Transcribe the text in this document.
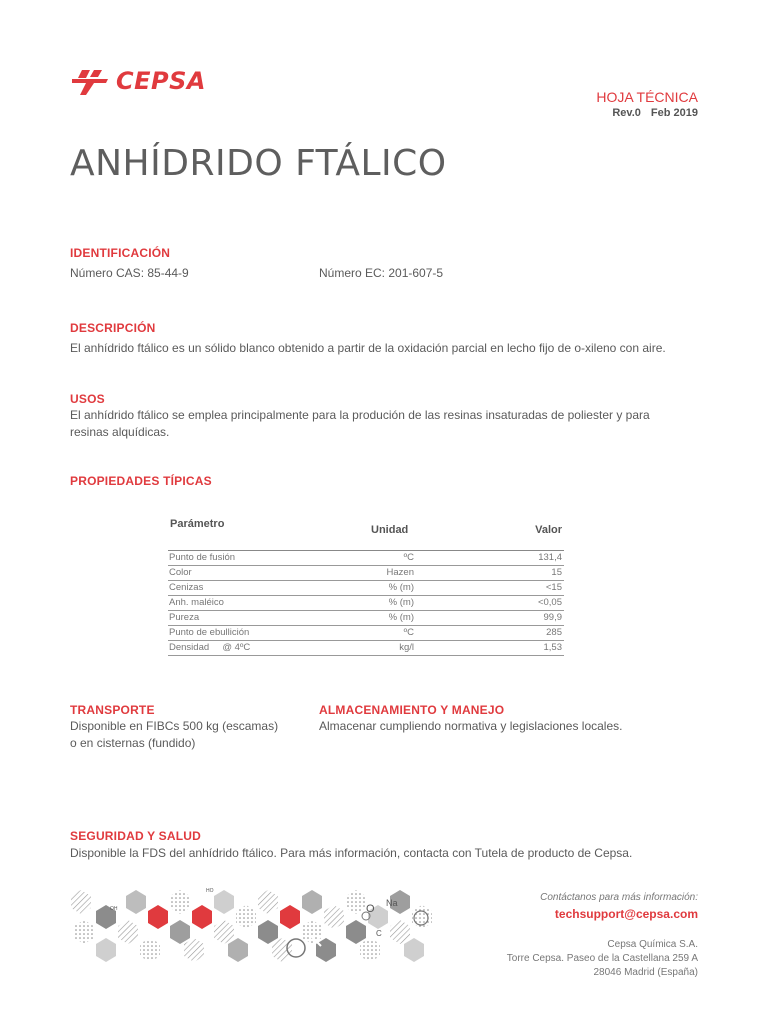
CEPSA
HOJA TÉCNICA
Rev.0 Feb 2019
ANHÍDRIDO FTÁLICO
IDENTIFICACIÓN
Número CAS: 85-44-9	Número EC: 201-607-5
DESCRIPCIÓN
El anhídrido ftálico es un sólido blanco obtenido a partir de la oxidación parcial en lecho fijo de o-xileno con aire.
USOS
El anhídrido ftálico se emplea principalmente para la produción de las resinas insaturadas de poliester y para
resinas alquídicas.
PROPIEDADES TÍPICAS
Parámetro	Unidad	Valor
Punto de fusión	ºC	131,4
Color	Hazen	15
Cenizas	% (m)	<15
Anh. maléico	% (m)	<0,05
Pureza	% (m)	99,9
Punto de ebullición	ºC	285
Densidad     @ 4ºC	kg/l	1,53
TRANSPORTE
Disponible en FIBCs 500 kg (escamas)
o en cisternas (fundido)
ALMACENAMIENTO Y MANEJO
Almacenar cumpliendo normativa y legislaciones locales.
SEGURIDAD Y SALUD
Disponible la FDS del anhídrido ftálico. Para más información, contacta con Tutela de producto de Cepsa.
Na
O
C
OH
HO
Contáctanos para más información:
techsupport@cepsa.com
Cepsa Química S.A.
Torre Cepsa. Paseo de la Castellana 259 A
28046 Madrid (España)
